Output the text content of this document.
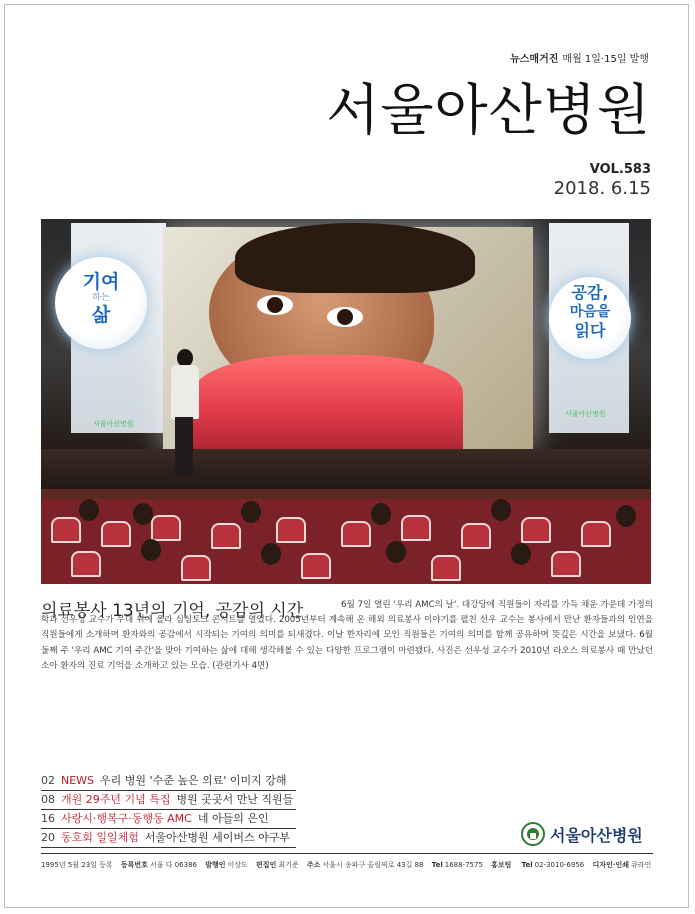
뉴스매거진 매월 1일·15일 발행
서울아산병원
VOL.583
2018. 6.15
서울아산병원
서울아산병원
기여
하는
삶
공감,
마음을
읽다
의료봉사 13년의 기억, 공감의 시간	6월 7일 열린 '우리 AMC의 날'. 대강당에 직원들이 자리를 가득 채운 가운데 가정의학과 선우성 교수가 무대 위에 올라 심심토크 콘서트를 열었다. 2005년부터 계속해 온 해외 의료봉사 이야기를 펼친 선우 교수는 봉사에서 만난 환자들과의 인연을 직원들에게 소개하며 환자와의 공감에서 시작되는 기여의 의미를 되새겼다. 이날 한자리에 모인 직원들은 기여의 의미를 함께 공유하며 뜻깊은 시간을 보냈다. 6월 둘째 주 '우리 AMC 기여 주간'을 맞아 기여하는 삶에 대해 생각해볼 수 있는 다양한 프로그램이 마련됐다. 사진은 선우성 교수가 2010년 라오스 의료봉사 때 만났던 소아 환자의 진료 기억을 소개하고 있는 모습. (관련기사 4면)
02 NEWS 우리 병원 '수준 높은 의료' 이미지 강해
08 개원 29주년 기념 특집 병원 곳곳서 만난 직원들
16 사랑시·행복구·동행동 AMC 네 아들의 은인
20 동호회 일일체험 서울아산병원 세이버스 야구부	서울아산병원
1995년 5월 23일 등록 등록번호 서울 다 06386 발행인 이상도 편집인 최기준 주소 서울시 송파구 올림픽로 43길 88 Tel 1688-7575 홍보팀 Tel 02-3010-6956 디자인·인쇄 큐라인
